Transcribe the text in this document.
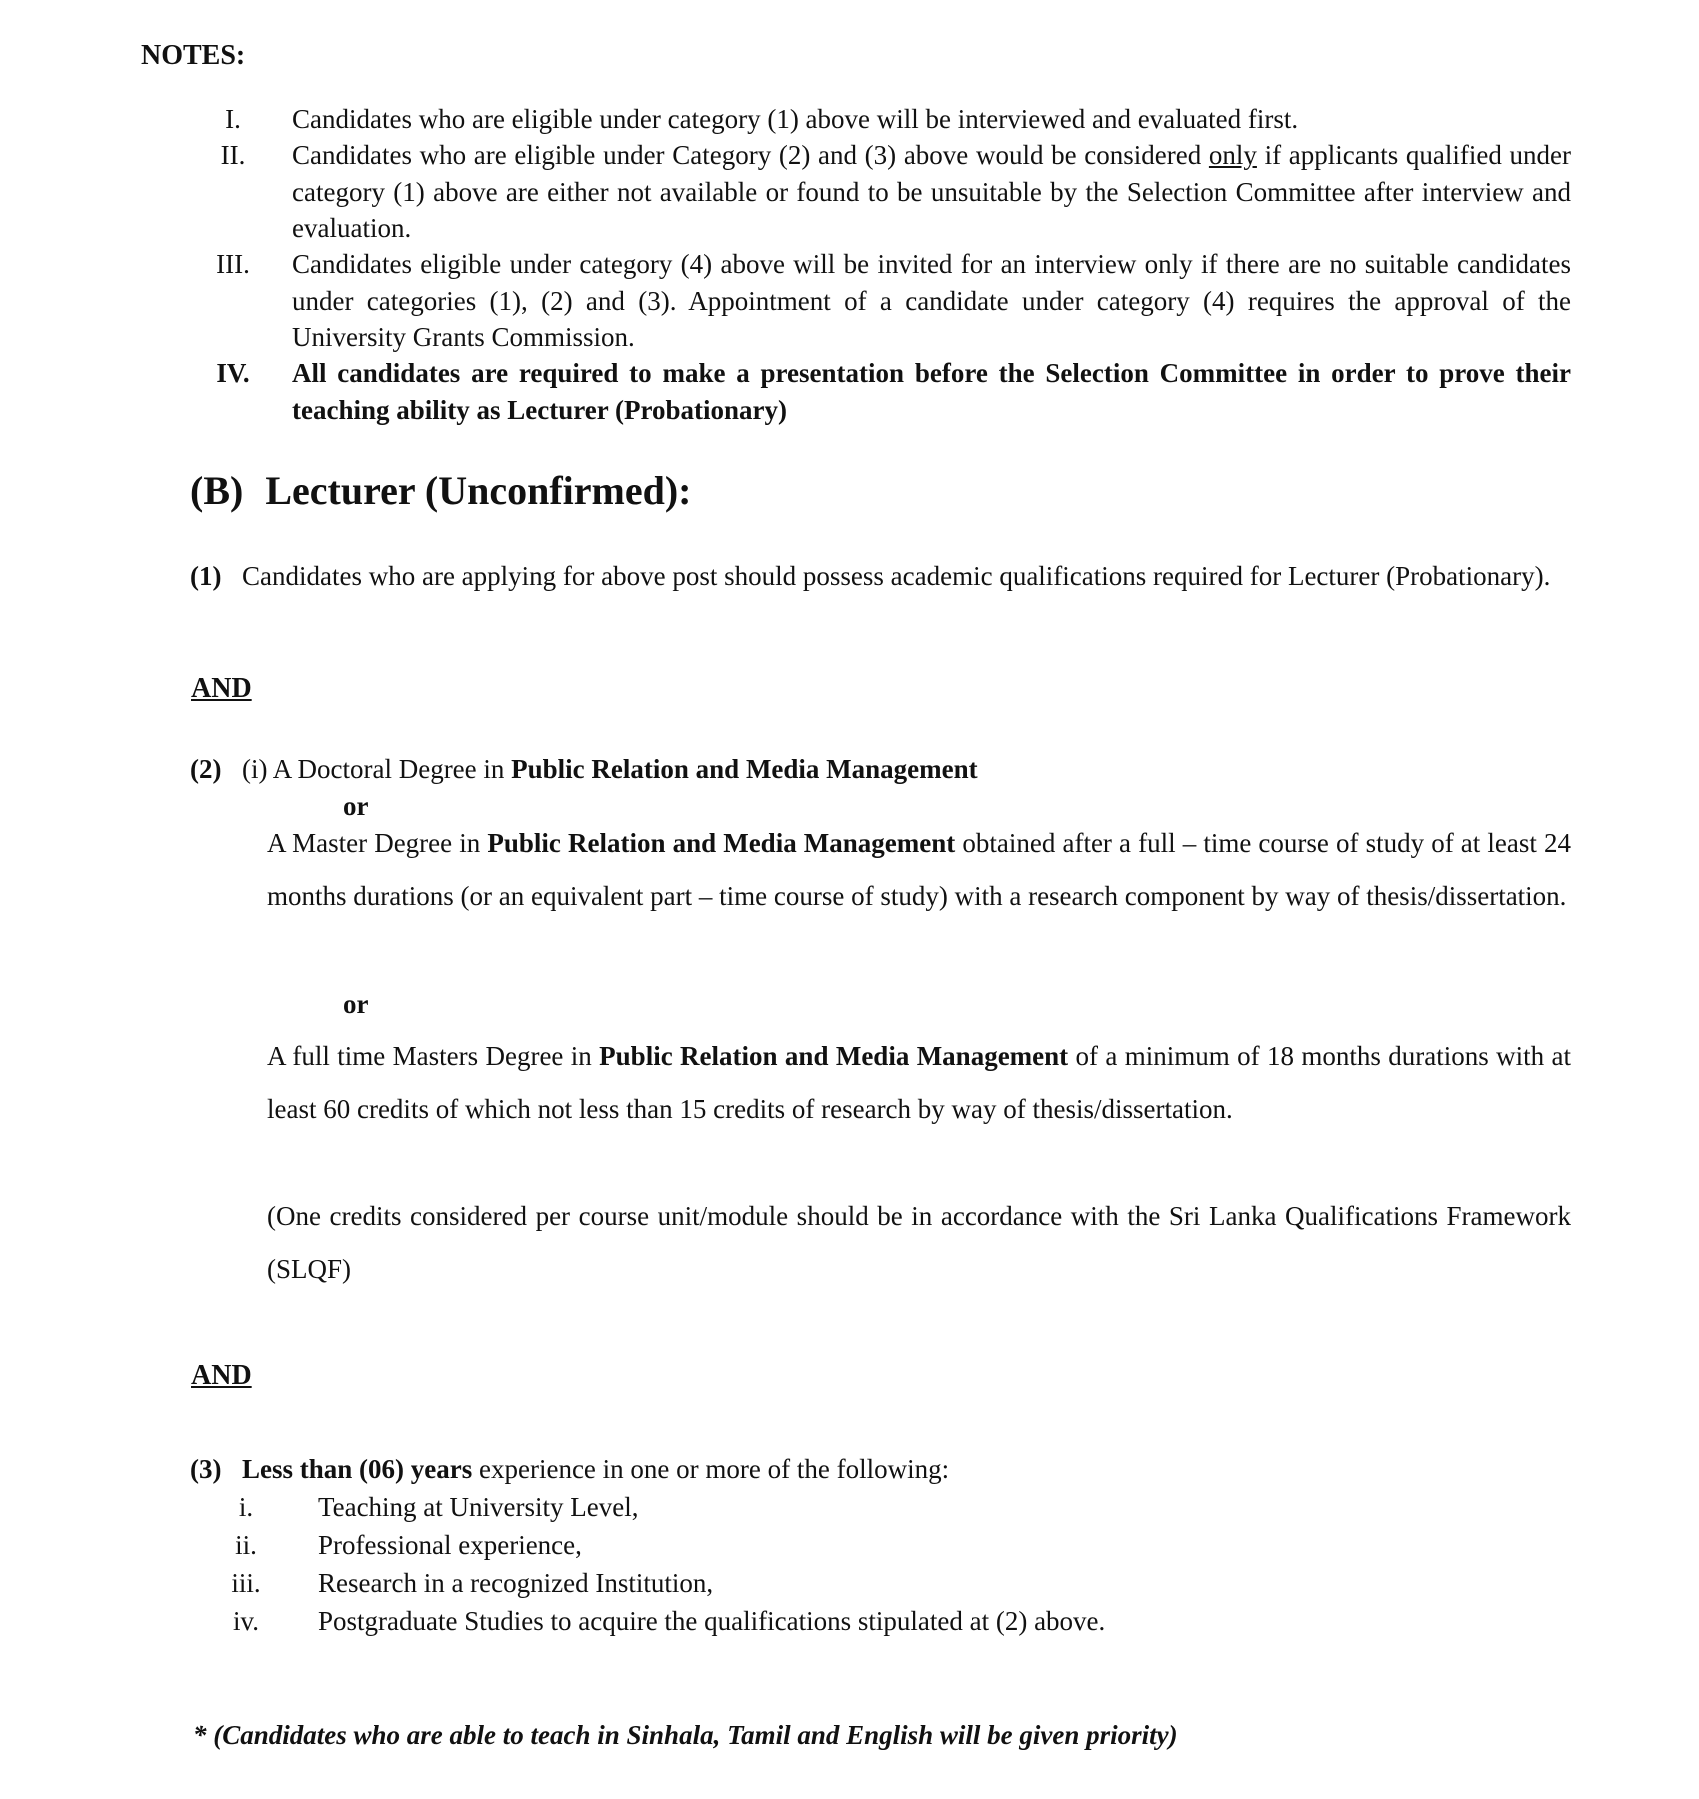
NOTES:
I.	Candidates who are eligible under category (1) above will be interviewed and evaluated first.
II.	Candidates who are eligible under Category (2) and (3) above would be considered only if applicants qualified under category (1) above are either not available or found to be unsuitable by the Selection Committee after interview and evaluation.
III.	Candidates eligible under category (4) above will be invited for an interview only if there are no suitable candidates under categories (1), (2) and (3). Appointment of a candidate under category (4) requires the approval of the University Grants Commission.
IV.	All candidates are required to make a presentation before the Selection Committee in order to prove their teaching ability as Lecturer (Probationary)
(B) Lecturer (Unconfirmed):
(1) Candidates who are applying for above post should possess academic qualifications required for Lecturer (Probationary).
AND
(2) (i) A Doctoral Degree in Public Relation and Media Management
or
A Master Degree in Public Relation and Media Management obtained after a full – time course of study of at least 24 months durations (or an equivalent part – time course of study) with a research component by way of thesis/dissertation.
or
A full time Masters Degree in Public Relation and Media Management of a minimum of 18 months durations with at least 60 credits of which not less than 15 credits of research by way of thesis/dissertation.
(One credits considered per course unit/module should be in accordance with the Sri Lanka Qualifications Framework (SLQF)
AND
(3) Less than (06) years experience in one or more of the following:
i.	Teaching at University Level,
ii.	Professional experience,
iii.	Research in a recognized Institution,
iv.	Postgraduate Studies to acquire the qualifications stipulated at (2) above.
* (Candidates who are able to teach in Sinhala, Tamil and English will be given priority)
